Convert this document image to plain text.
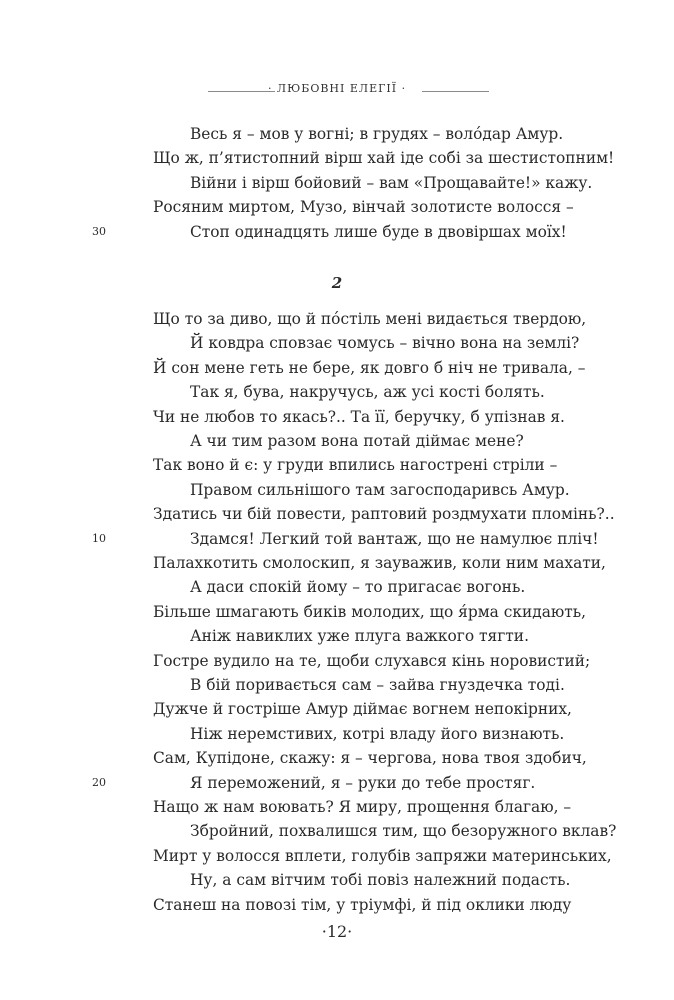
· ЛЮБОВНІ ЕЛЕГІЇ ·
Весь я – мов у вогні; в грудях – волóдар Амур.
Що ж, п’ятистопний вірш хай іде собі за шестистопним!
Війни і вірш бойовий – вам «Прощавайте!» кажу.
Росяним миртом, Музо, вінчай золотисте волосся –
Стоп одинадцять лише буде в двовіршах моїх!
30
2
Що то за диво, що й пóстіль мені видається твердою,
Й ковдра сповзає чомусь – вічно вона на землі?
Й сон мене геть не бере, як довго б ніч не тривала, –
Так я, бува, накручусь, аж усі кості болять.
Чи не любов то якась?.. Та її, беручку, б упізнав я.
А чи тим разом вона потай діймає мене?
Так воно й є: у груди впились нагострені стріли –
Правом сильнішого там загосподаривсь Амур.
Здатись чи бій повести, раптовий роздмухати пломінь?..
Здамся! Легкий той вантаж, що не намулює пліч!
10
Палахкотить смолоскип, я зауважив, коли ним махати,
А даси спокій йому – то пригасає вогонь.
Більше шмагають биків молодих, що я́рма скидають,
Аніж навиклих уже плуга важкого тягти.
Гостре вудило на те, щоби слухався кінь норовистий;
В бій поривається сам – зайва гнуздечка тоді.
Дужче й гостріше Амур діймає вогнем непокірних,
Ніж неремстивих, котрі владу його визнають.
Сам, Купідоне, скажу: я – чергова, нова твоя здобич,
Я переможений, я – руки до тебе простяг.
20
Нащо ж нам воювать? Я миру, прощення благаю, –
Збройний, похвалишся тим, що безоружного вклав?
Мирт у волосся вплети, голубів запряжи материнських,
Ну, а сам вітчим тобі повіз належний подасть.
Станеш на повозі тім, у тріумфі, й під оклики люду
·12·
